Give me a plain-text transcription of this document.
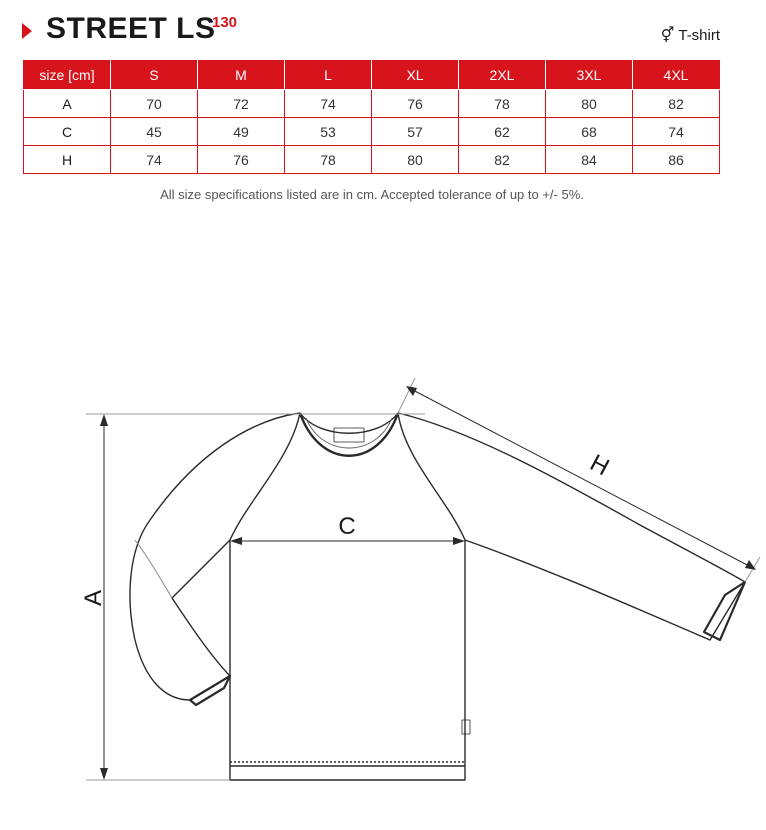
STREET LS
130
⚥ T-shirt
size [cm]	S	M	L	XL	2XL	3XL	4XL
A	70	72	74	76	78	80	82
C	45	49	53	57	62	68	74
H	74	76	78	80	82	84	86
All size specifications listed are in cm. Accepted tolerance of up to +/- 5%.
A
C
H
